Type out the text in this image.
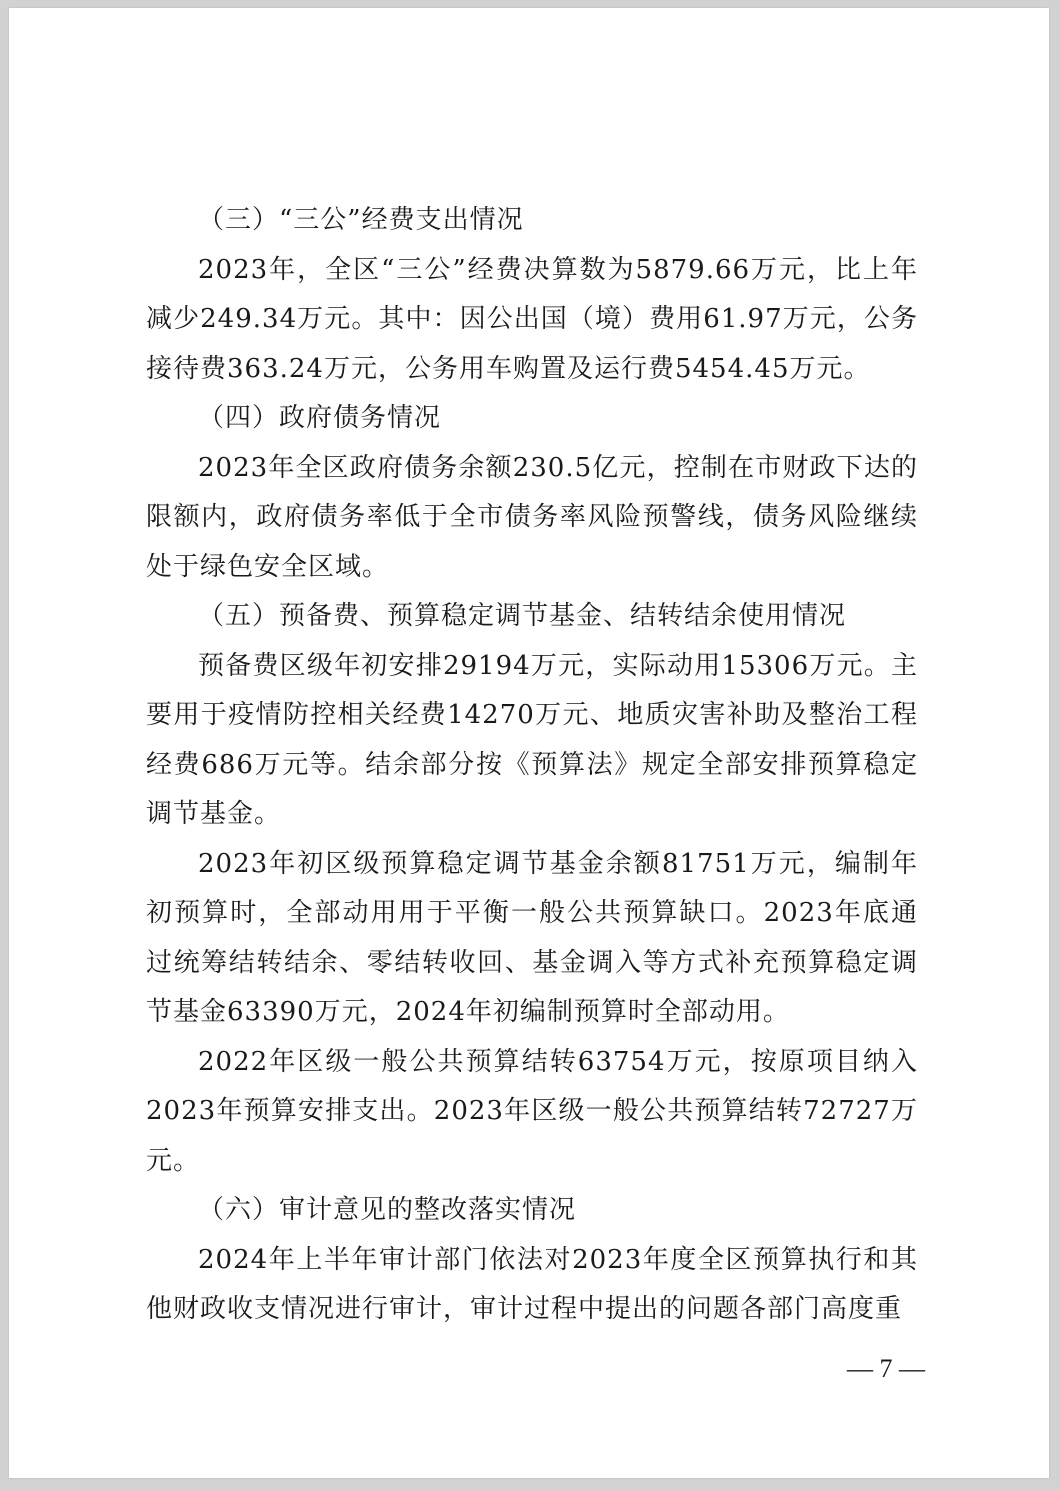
（三）“三公”经费支出情况

2023年，全区“三公”经费决算数为5879.66万元，比上年减少249.34万元。其中：因公出国（境）费用61.97万元，公务接待费363.24万元，公务用车购置及运行费5454.45万元。

（四）政府债务情况

2023年全区政府债务余额230.5亿元，控制在市财政下达的限额内，政府债务率低于全市债务率风险预警线，债务风险继续处于绿色安全区域。

（五）预备费、预算稳定调节基金、结转结余使用情况

预备费区级年初安排29194万元，实际动用15306万元。主要用于疫情防控相关经费14270万元、地质灾害补助及整治工程经费686万元等。结余部分按《预算法》规定全部安排预算稳定调节基金。

2023年初区级预算稳定调节基金余额81751万元，编制年初预算时，全部动用用于平衡一般公共预算缺口。2023年底通过统筹结转结余、零结转收回、基金调入等方式补充预算稳定调节基金63390万元，2024年初编制预算时全部动用。

2022年区级一般公共预算结转63754万元，按原项目纳入2023年预算安排支出。2023年区级一般公共预算结转72727万元。

（六）审计意见的整改落实情况

2024年上半年审计部门依法对2023年度全区预算执行和其他财政收支情况进行审计，审计过程中提出的问题各部门高度重

— 7 —
